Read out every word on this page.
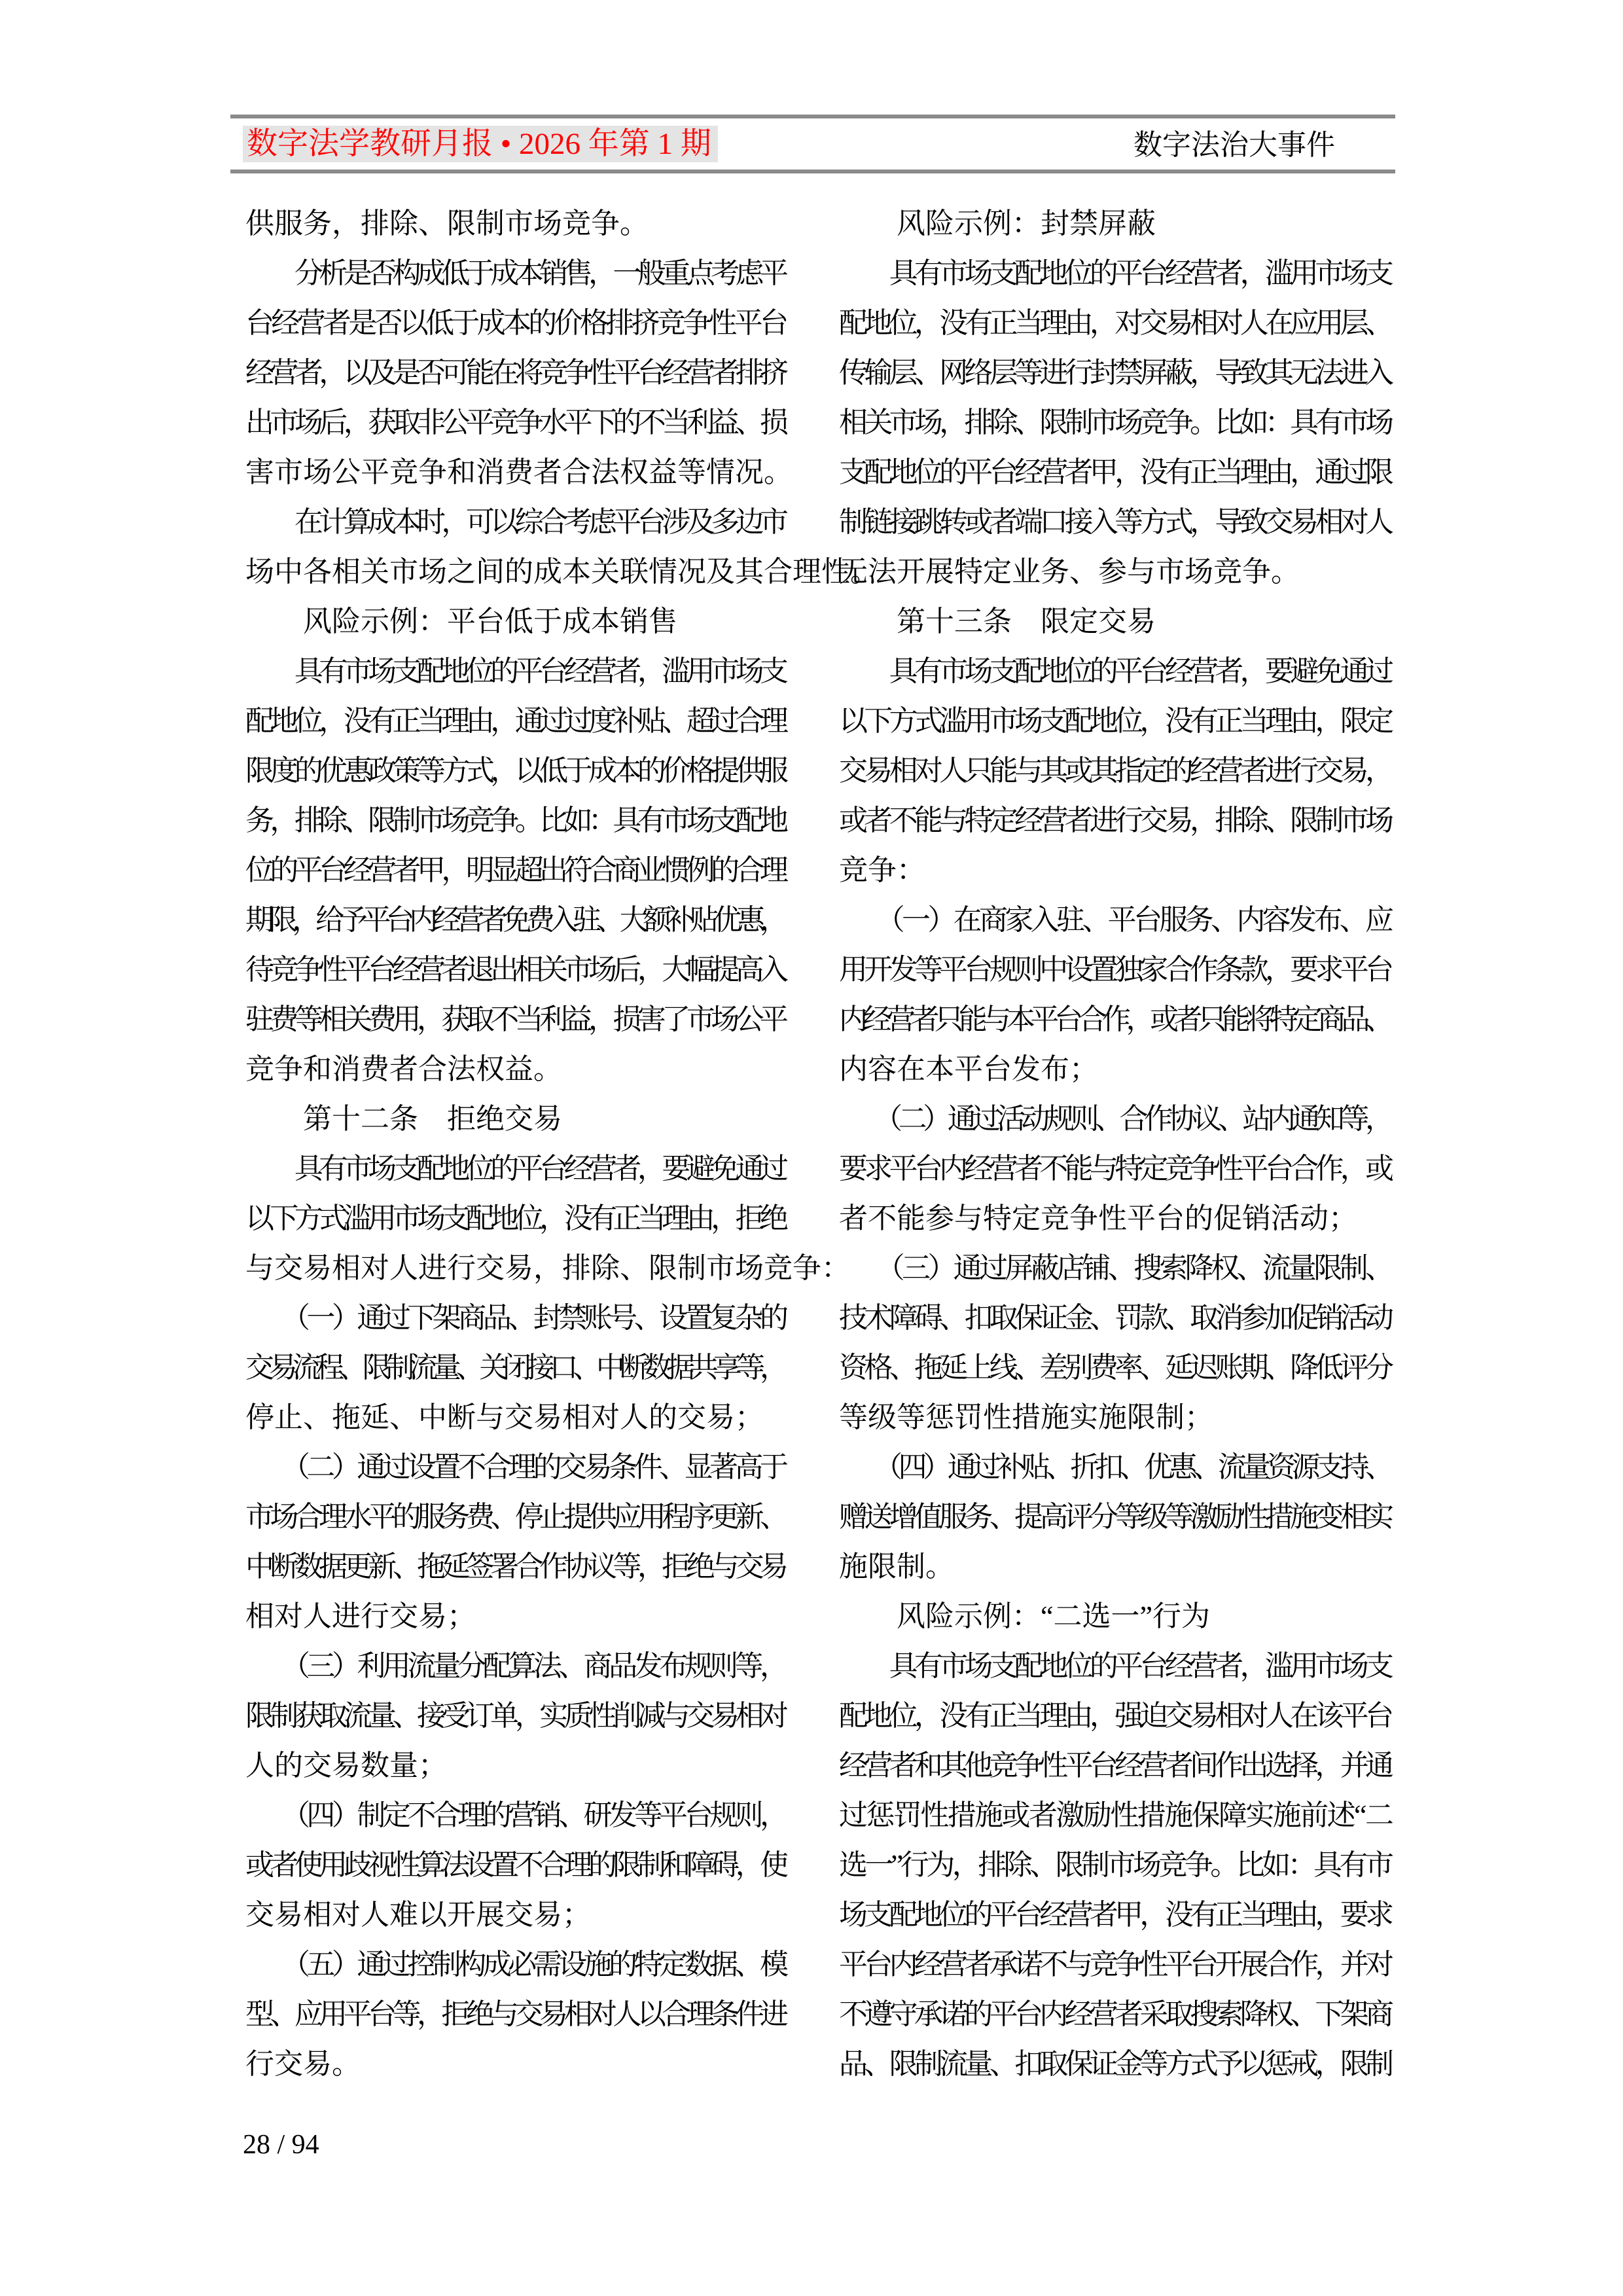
数字法学教研月报 • 2026 年第 1 期	数字法治大事件
供服务，排除、限制市场竞争。
　　分析是否构成低于成本销售，一般重点考虑平
台经营者是否以低于成本的价格排挤竞争性平台
经营者，以及是否可能在将竞争性平台经营者排挤
出市场后，获取非公平竞争水平下的不当利益、损
害市场公平竞争和消费者合法权益等情况。
　　在计算成本时，可以综合考虑平台涉及多边市
场中各相关市场之间的成本关联情况及其合理性。
　　风险示例：平台低于成本销售
　　具有市场支配地位的平台经营者，滥用市场支
配地位，没有正当理由，通过过度补贴、超过合理
限度的优惠政策等方式，以低于成本的价格提供服
务，排除、限制市场竞争。比如：具有市场支配地
位的平台经营者甲，明显超出符合商业惯例的合理
期限，给予平台内经营者免费入驻、大额补贴优惠，
待竞争性平台经营者退出相关市场后，大幅提高入
驻费等相关费用，获取不当利益，损害了市场公平
竞争和消费者合法权益。
　　第十二条　拒绝交易
　　具有市场支配地位的平台经营者，要避免通过
以下方式滥用市场支配地位，没有正当理由，拒绝
与交易相对人进行交易，排除、限制市场竞争：
　　（一）通过下架商品、封禁账号、设置复杂的
交易流程、限制流量、关闭接口、中断数据共享等，
停止、拖延、中断与交易相对人的交易；
　　（二）通过设置不合理的交易条件、显著高于
市场合理水平的服务费、停止提供应用程序更新、
中断数据更新、拖延签署合作协议等，拒绝与交易
相对人进行交易；
　　（三）利用流量分配算法、商品发布规则等，
限制获取流量、接受订单，实质性削减与交易相对
人的交易数量；
　　（四）制定不合理的营销、研发等平台规则，
或者使用歧视性算法设置不合理的限制和障碍，使
交易相对人难以开展交易；
　　（五）通过控制构成必需设施的特定数据、模
型、应用平台等，拒绝与交易相对人以合理条件进
行交易。
　　风险示例：封禁屏蔽
　　具有市场支配地位的平台经营者，滥用市场支
配地位，没有正当理由，对交易相对人在应用层、
传输层、网络层等进行封禁屏蔽，导致其无法进入
相关市场，排除、限制市场竞争。比如：具有市场
支配地位的平台经营者甲，没有正当理由，通过限
制链接跳转或者端口接入等方式，导致交易相对人
无法开展特定业务、参与市场竞争。
　　第十三条　限定交易
　　具有市场支配地位的平台经营者，要避免通过
以下方式滥用市场支配地位，没有正当理由，限定
交易相对人只能与其或其指定的经营者进行交易，
或者不能与特定经营者进行交易，排除、限制市场
竞争：
　　（一）在商家入驻、平台服务、内容发布、应
用开发等平台规则中设置独家合作条款，要求平台
内经营者只能与本平台合作，或者只能将特定商品、
内容在本平台发布；
　　（二）通过活动规则、合作协议、站内通知等，
要求平台内经营者不能与特定竞争性平台合作，或
者不能参与特定竞争性平台的促销活动；
　　（三）通过屏蔽店铺、搜索降权、流量限制、
技术障碍、扣取保证金、罚款、取消参加促销活动
资格、拖延上线、差别费率、延迟账期、降低评分
等级等惩罚性措施实施限制；
　　（四）通过补贴、折扣、优惠、流量资源支持、
赠送增值服务、提高评分等级等激励性措施变相实
施限制。
　　风险示例：“二选一”行为
　　具有市场支配地位的平台经营者，滥用市场支
配地位，没有正当理由，强迫交易相对人在该平台
经营者和其他竞争性平台经营者间作出选择，并通
过惩罚性措施或者激励性措施保障实施前述“二
选一”行为，排除、限制市场竞争。比如：具有市
场支配地位的平台经营者甲，没有正当理由，要求
平台内经营者承诺不与竞争性平台开展合作，并对
不遵守承诺的平台内经营者采取搜索降权、下架商
品、限制流量、扣取保证金等方式予以惩戒，限制
28 / 94
